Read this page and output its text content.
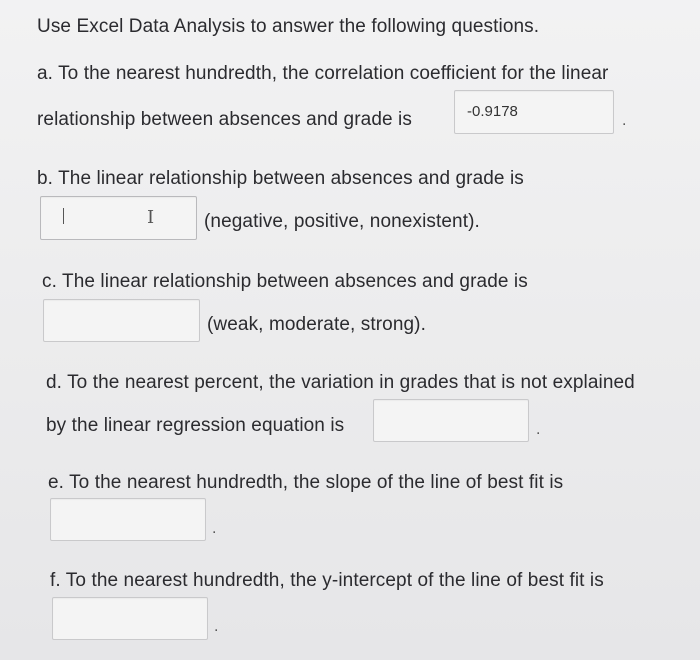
Use Excel Data Analysis to answer the following questions.
a. To the nearest hundredth, the correlation coefficient for the linear
relationship between absences and grade is	-0.9178
.
b. The linear relationship between absences and grade is
I	(negative, positive, nonexistent).
c. The linear relationship between absences and grade is
(weak, moderate, strong).
d. To the nearest percent, the variation in grades that is not explained
by the linear regression equation is	.
e. To the nearest hundredth, the slope of the line of best fit is
.
f. To the nearest hundredth, the y-intercept of the line of best fit is
.
